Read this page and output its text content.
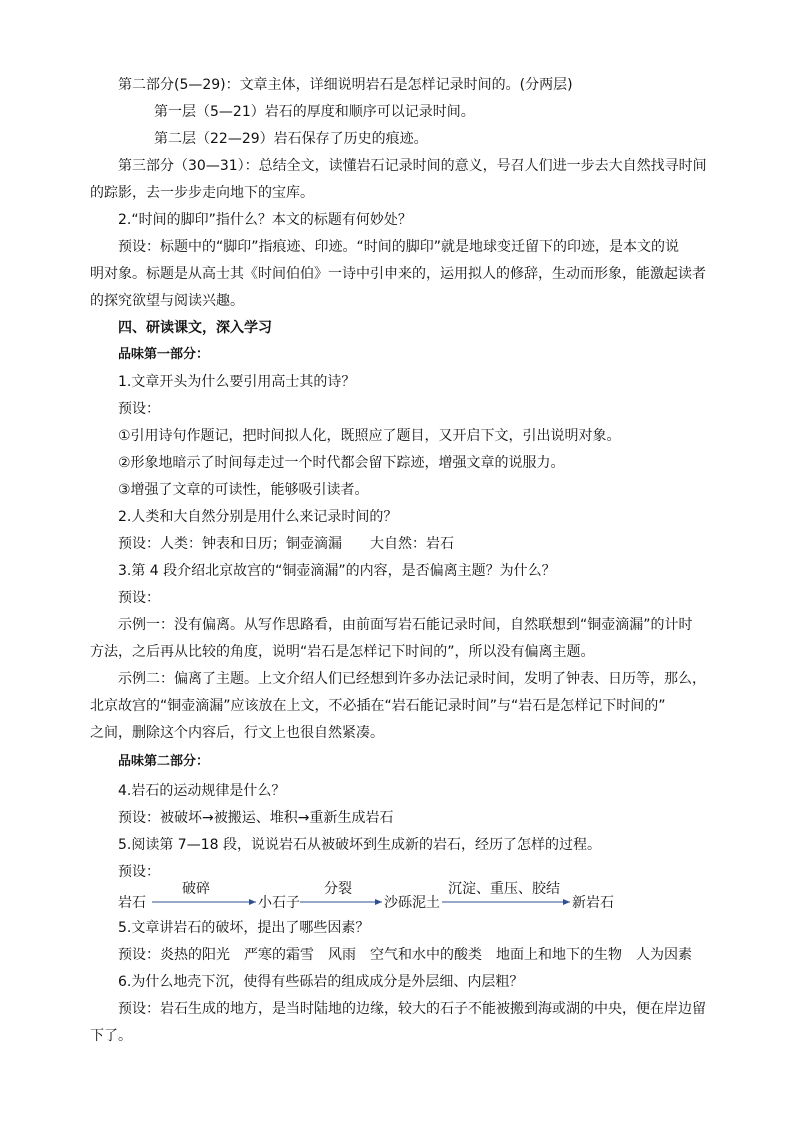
第二部分(5—29)：文章主体，详细说明岩石是怎样记录时间的。(分两层)
第一层（5—21）岩石的厚度和顺序可以记录时间。
第二层（22—29）岩石保存了历史的痕迹。
第三部分（30—31）：总结全文，读懂岩石记录时间的意义，号召人们进一步去大自然找寻时间
的踪影，去一步步走向地下的宝库。
2.“时间的脚印”指什么？本文的标题有何妙处？
预设：标题中的“脚印”指痕迹、印迹。“时间的脚印”就是地球变迁留下的印迹，是本文的说
明对象。标题是从高士其《时间伯伯》一诗中引申来的，运用拟人的修辞，生动而形象，能激起读者
的探究欲望与阅读兴趣。
四、研读课文，深入学习
品味第一部分：
1.文章开头为什么要引用高士其的诗？
预设：
①引用诗句作题记，把时间拟人化，既照应了题目，又开启下文，引出说明对象。
②形象地暗示了时间每走过一个时代都会留下踪迹，增强文章的说服力。
③增强了文章的可读性，能够吸引读者。
2.人类和大自然分别是用什么来记录时间的？
预设：人类：钟表和日历；铜壶滴漏　　大自然：岩石
3.第 4 段介绍北京故宫的“铜壶滴漏”的内容，是否偏离主题？为什么？
预设：
示例一：没有偏离。从写作思路看，由前面写岩石能记录时间，自然联想到“铜壶滴漏”的计时
方法，之后再从比较的角度，说明“岩石是怎样记下时间的”，所以没有偏离主题。
示例二：偏离了主题。上文介绍人们已经想到许多办法记录时间，发明了钟表、日历等，那么，
北京故宫的“铜壶滴漏”应该放在上文，不必插在“岩石能记录时间”与“岩石是怎样记下时间的”
之间，删除这个内容后，行文上也很自然紧凑。
品味第二部分：
4.岩石的运动规律是什么？
预设：被破坏→被搬运、堆积→重新生成岩石
5.阅读第 7—18 段，说说岩石从被破坏到生成新的岩石，经历了怎样的过程。
预设：
岩石	小石子	沙砾泥土	新岩石
破碎	分裂	沉淀、重压、胶结
5.文章讲岩石的破坏，提出了哪些因素？
预设：炎热的阳光　严寒的霜雪　风雨　空气和水中的酸类　地面上和地下的生物　人为因素
6.为什么地壳下沉，使得有些砾岩的组成成分是外层细、内层粗？
预设：岩石生成的地方，是当时陆地的边缘，较大的石子不能被搬到海或湖的中央，便在岸边留
下了。
